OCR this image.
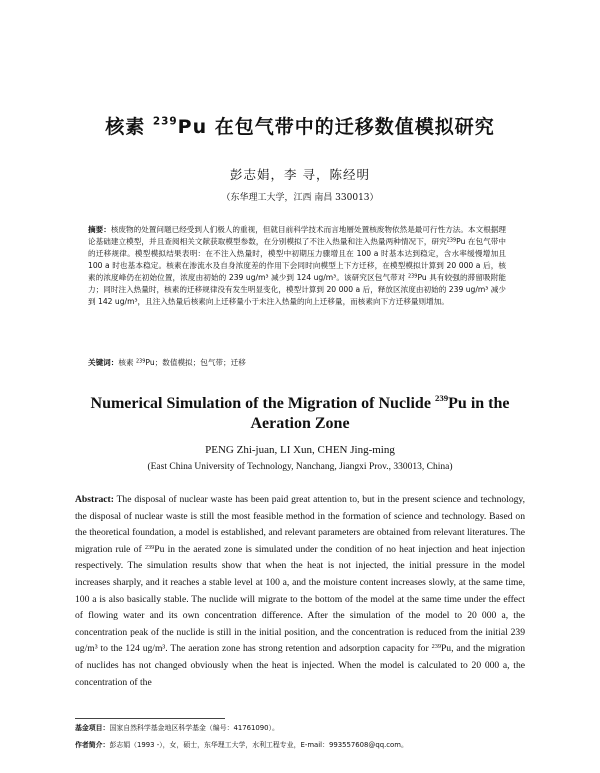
核素 $^{239}$Pu 在包气带中的迁移数值模拟研究
彭志娟，李 寻，陈经明
（东华理工大学，江西 南昌 330013）

摘要：核废物的处置问题已经受到人们极人的重视，但就目前科学技术而言地層处置核废物依然是最可行性方法。本文根据理论基础建立模型，并且查阅相关文献获取模型参数，在分别模拟了不注入热量和注入热量两种情况下，研究$^{239}$Pu 在包气带中的迁移规律。模型模拟结果表明：在不注入热量时，模型中初期压力骤增且在 100 a 时基本达到稳定，含水率缓慢增加且 100 a 时也基本稳定。核素在渗流水及自身浓度差的作用下会同时向模型上下方迁移，在模型模拟计算到 20 000 a 后，核素的浓度峰仍在初始位置，浓度由初始的 239 ug/m³ 减少到 124 ug/m³。该研究区包气带对 $^{239}$Pu 具有较强的滞留吸附能力；同时注入热量时，核素的迁移规律没有发生明显变化，模型计算到 20 000 a 后，释放区浓度由初始的 239 ug/m³ 减少到 142 ug/m³，且注入热量后核素向上迁移量小于未注入热量的向上迁移量，而核素向下方迁移量则增加。

关键词：核素 $^{239}$Pu；数值模拟；包气带；迁移
Numerical Simulation of the Migration of Nuclide $^{239}$Pu in the Aeration Zone
PENG Zhi-juan, LI Xun, CHEN Jing-ming
(East China University of Technology, Nanchang, Jiangxi Prov., 330013, China)
Abstract: The disposal of nuclear waste has been paid great attention to, but in the present science and technology, the disposal of nuclear waste is still the most feasible method in the formation of science and technology. Based on the theoretical foundation, a model is established, and relevant parameters are obtained from relevant literatures. The migration rule of $^{239}$Pu in the aerated zone is simulated under the condition of no heat injection and heat injection respectively. The simulation results show that when the heat is not injected, the initial pressure in the model increases sharply, and it reaches a stable level at 100 a, and the moisture content increases slowly, at the same time, 100 a is also basically stable. The nuclide will migrate to the bottom of the model at the same time under the effect of flowing water and its own concentration difference. After the simulation of the model to 20 000 a, the concentration peak of the nuclide is still in the initial position, and the concentration is reduced from the initial 239 ug/m³ to the 124 ug/m³. The aeration zone has strong retention and adsorption capacity for $^{239}$Pu, and the migration of nuclides has not changed obviously when the heat is injected. When the model is calculated to 20 000 a, the concentration of the
基金项目：国家自然科学基金地区科学基金（编号：41761090）。
作者简介：彭志娟（1993 -），女，硕士，东华理工大学，水利工程专业，E-mail：993557608@qq.com。
